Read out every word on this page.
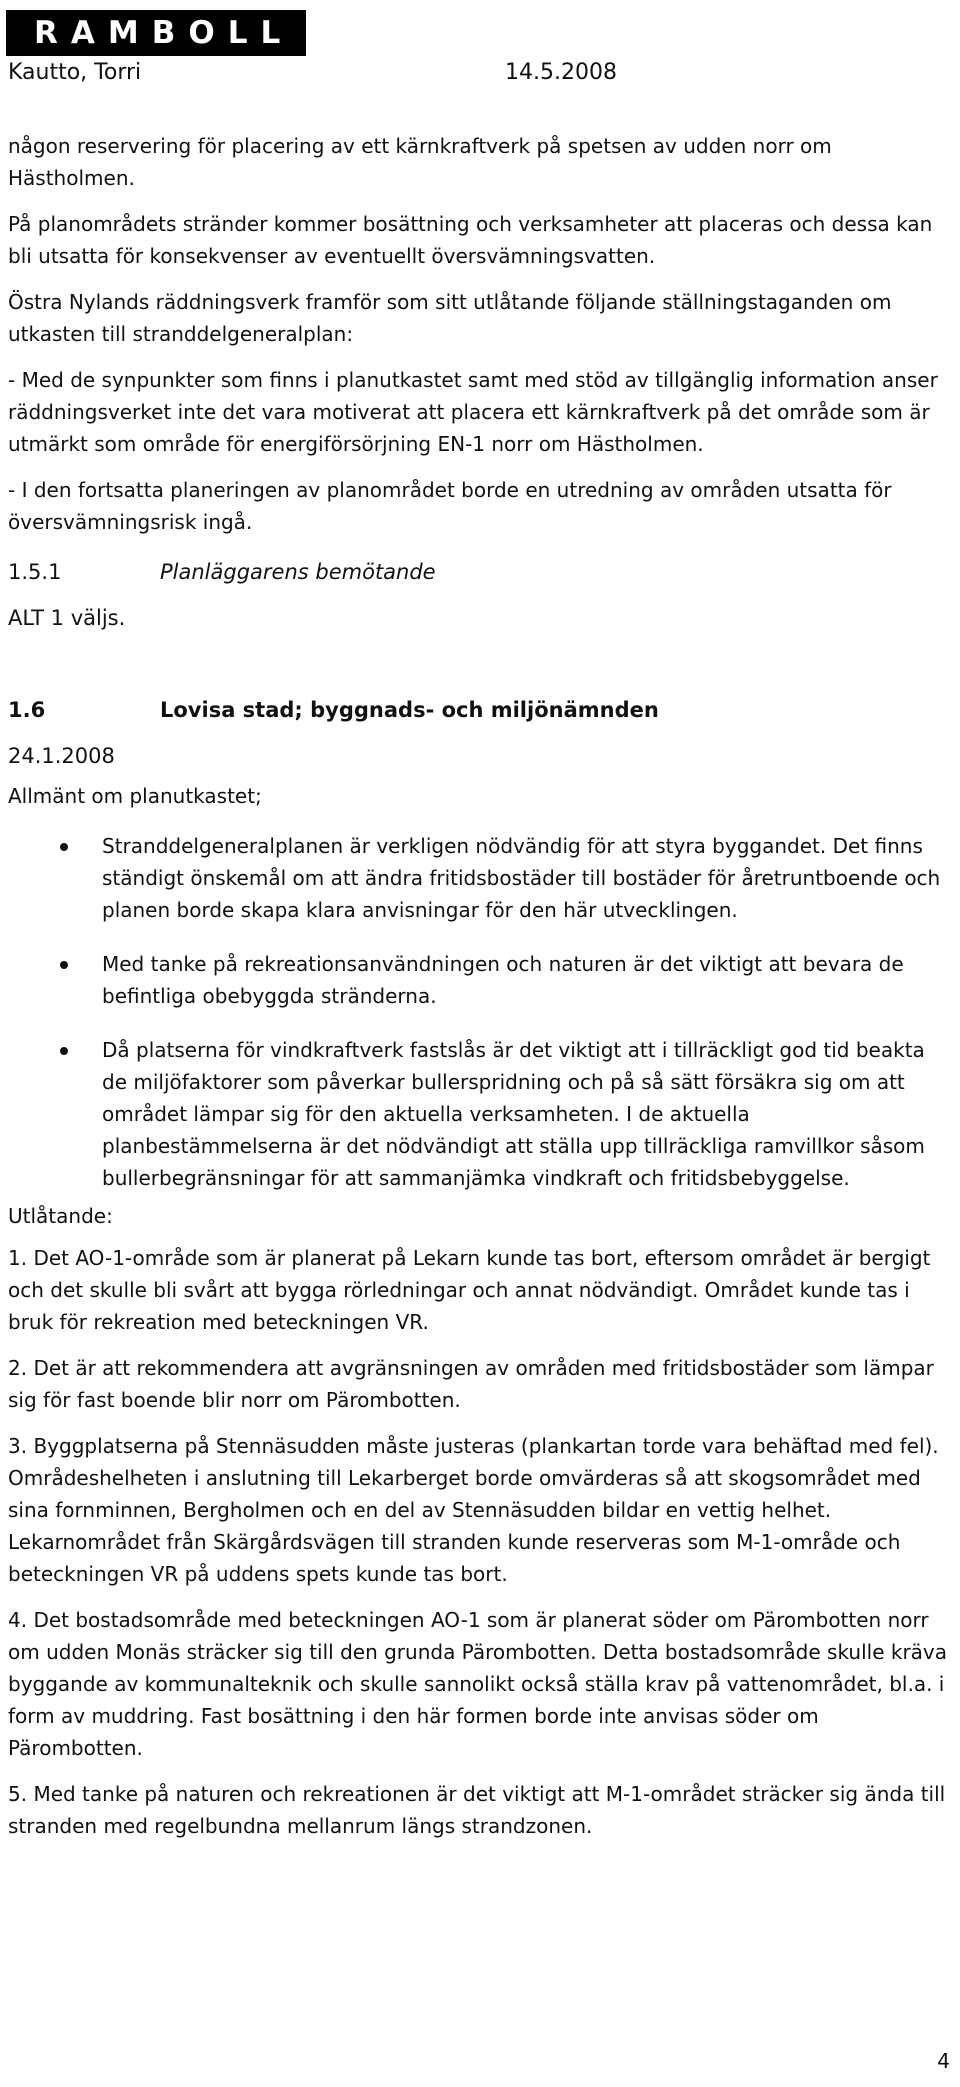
RAMBOLL
Kautto, Torri	14.5.2008

någon reservering för placering av ett kärnkraftverk på spetsen av udden norr om Hästholmen.

På planområdets stränder kommer bosättning och verksamheter att placeras och dessa kan bli utsatta för konsekvenser av eventuellt översvämningsvatten.

Östra Nylands räddningsverk framför som sitt utlåtande följande ställningstaganden om utkasten till stranddelgeneralplan:

- Med de synpunkter som finns i planutkastet samt med stöd av tillgänglig information anser räddningsverket inte det vara motiverat att placera ett kärnkraftverk på det område som är utmärkt som område för energiförsörjning EN-1 norr om Hästholmen.

- I den fortsatta planeringen av planområdet borde en utredning av områden utsatta för översvämningsrisk ingå.

1.5.1	Planläggarens bemötande

ALT 1 väljs.

1.6	Lovisa stad; byggnads- och miljönämnden

24.1.2008

Allmänt om planutkastet;

Stranddelgeneralplanen är verkligen nödvändig för att styra byggandet. Det finns ständigt önskemål om att ändra fritidsbostäder till bostäder för åretruntboende och planen borde skapa klara anvisningar för den här utvecklingen.
Med tanke på rekreationsanvändningen och naturen är det viktigt att bevara de befintliga obebyggda stränderna.
Då platserna för vindkraftverk fastslås är det viktigt att i tillräckligt god tid beakta de miljöfaktorer som påverkar bullerspridning och på så sätt försäkra sig om att området lämpar sig för den aktuella verksamheten. I de aktuella planbestämmelserna är det nödvändigt att ställa upp tillräckliga ramvillkor såsom bullerbegränsningar för att sammanjämka vindkraft och fritidsbebyggelse.

Utlåtande:

1. Det AO-1-område som är planerat på Lekarn kunde tas bort, eftersom området är bergigt och det skulle bli svårt att bygga rörledningar och annat nödvändigt. Området kunde tas i bruk för rekreation med beteckningen VR.

2. Det är att rekommendera att avgränsningen av områden med fritidsbostäder som lämpar sig för fast boende blir norr om Pärombotten.

3. Byggplatserna på Stennäsudden måste justeras (plankartan torde vara behäftad med fel). Områdeshelheten i anslutning till Lekarberget borde omvärderas så att skogsområdet med sina fornminnen, Bergholmen och en del av Stennäsudden bildar en vettig helhet. Lekarnområdet från Skärgårdsvägen till stranden kunde reserveras som M-1-område och beteckningen VR på uddens spets kunde tas bort.

4. Det bostadsområde med beteckningen AO-1 som är planerat söder om Pärombotten norr om udden Monäs sträcker sig till den grunda Pärombotten. Detta bostadsområde skulle kräva byggande av kommunalteknik och skulle sannolikt också ställa krav på vattenområdet, bl.a. i form av muddring. Fast bosättning i den här formen borde inte anvisas söder om Pärombotten.

5. Med tanke på naturen och rekreationen är det viktigt att M-1-området sträcker sig ända till stranden med regelbundna mellanrum längs strandzonen.

4
